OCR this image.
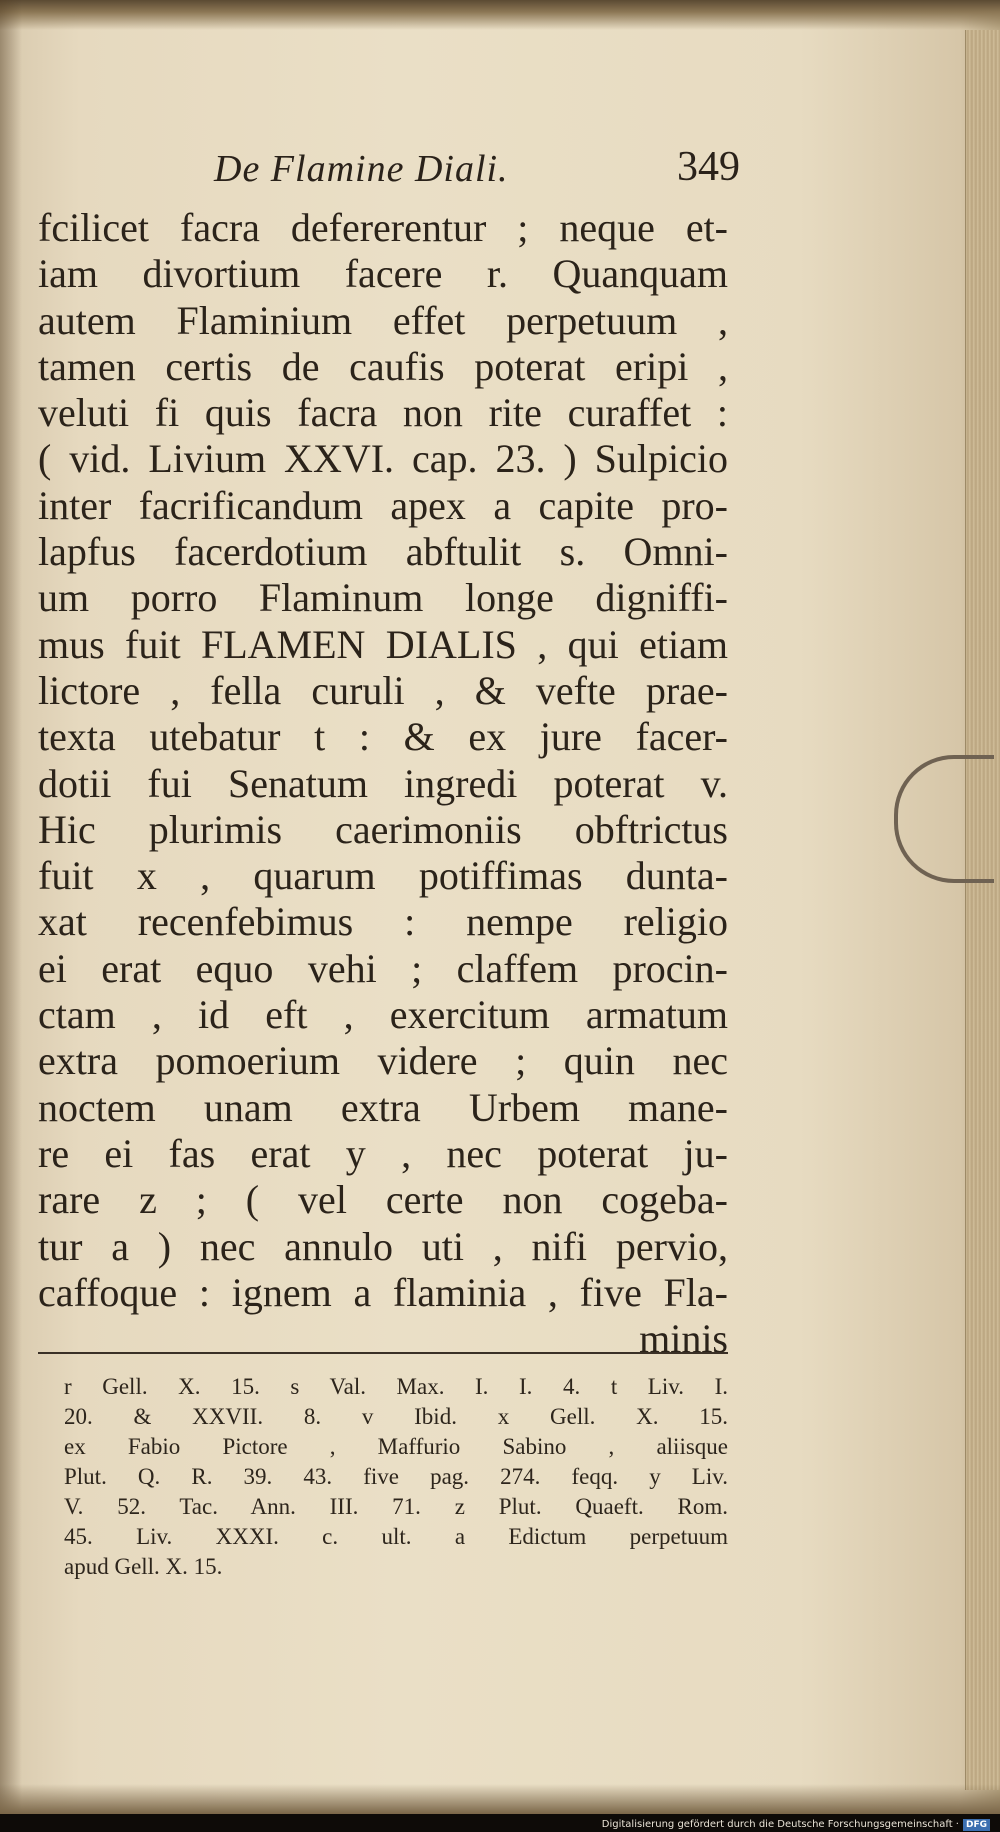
De Flamine Diali.	349
fcilicet facra defererentur ; neque et-
iam divortium facere r. Quanquam
autem Flaminium effet perpetuum ,
tamen certis de caufis poterat eripi ,
veluti fi quis facra non rite curaffet :
( vid. Livium XXVI. cap. 23. ) Sulpicio
inter facrificandum apex a capite pro-
lapfus facerdotium abftulit s. Omni-
um porro Flaminum longe digniffi-
mus fuit FLAMEN DIALIS , qui etiam
lictore , fella curuli , & vefte prae-
texta utebatur t : & ex jure facer-
dotii fui Senatum ingredi poterat v.
Hic plurimis caerimoniis obftrictus
fuit x , quarum potiffimas dunta-
xat recenfebimus : nempe religio
ei erat equo vehi ; claffem procin-
ctam , id eft , exercitum armatum
extra pomoerium videre ; quin nec
noctem unam extra Urbem mane-
re ei fas erat y , nec poterat ju-
rare z ; ( vel certe non cogeba-
tur a ) nec annulo uti , nifi pervio,
caffoque : ignem a flaminia , five Fla-
minis
r Gell. X. 15. s Val. Max. I. I. 4. t Liv. I.
20. & XXVII. 8. v Ibid. x Gell. X. 15.
ex Fabio Pictore , Maffurio Sabino , aliisque
Plut. Q. R. 39. 43. five pag. 274. feqq. y Liv.
V. 52. Tac. Ann. III. 71. z Plut. Quaeft. Rom.
45. Liv. XXXI. c. ult. a Edictum perpetuum
apud Gell. X. 15.
Digitalisierung gefördert durch die Deutsche Forschungsgemeinschaft · DFG
